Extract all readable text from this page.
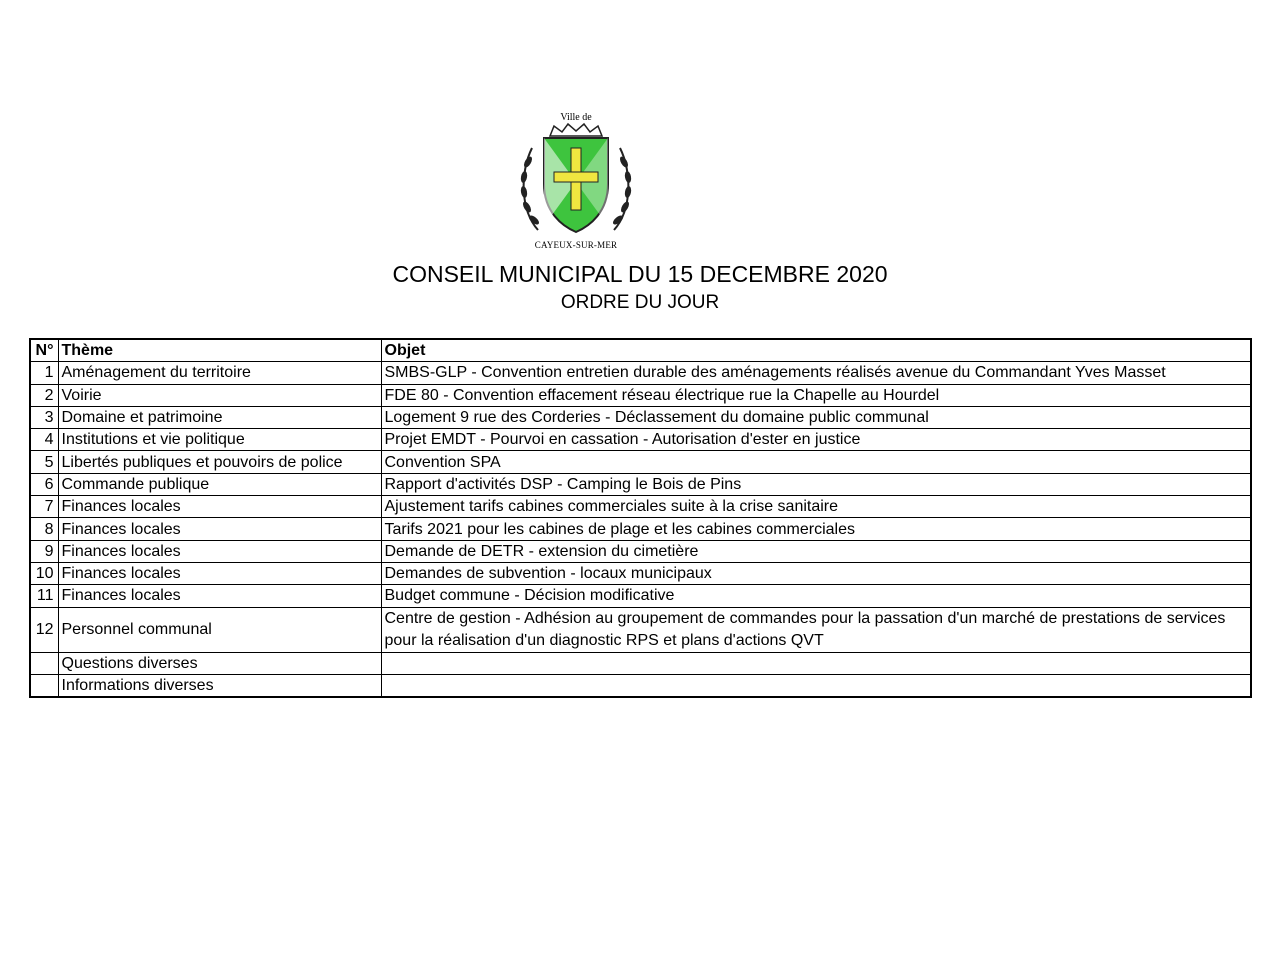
Ville de
CAYEUX-SUR-MER
CONSEIL MUNICIPAL DU 15 DECEMBRE 2020
ORDRE DU JOUR
N°	Thème	Objet
1	Aménagement du territoire	SMBS-GLP - Convention entretien durable des aménagements réalisés avenue du Commandant Yves Masset
2	Voirie	FDE 80 - Convention effacement réseau électrique rue la Chapelle au Hourdel
3	Domaine et patrimoine	Logement 9 rue des Corderies - Déclassement du domaine public communal
4	Institutions et vie politique	Projet EMDT - Pourvoi en cassation - Autorisation d'ester en justice
5	Libertés publiques et pouvoirs de police	Convention SPA
6	Commande publique	Rapport d'activités DSP - Camping le Bois de Pins
7	Finances locales	Ajustement tarifs cabines commerciales suite à la crise sanitaire
8	Finances locales	Tarifs 2021 pour les cabines de plage et les cabines commerciales
9	Finances locales	Demande de DETR - extension du cimetière
10	Finances locales	Demandes de subvention - locaux municipaux
11	Finances locales	Budget commune - Décision modificative
12	Personnel communal	Centre de gestion - Adhésion au groupement de commandes pour la passation d'un marché de prestations de services pour la réalisation d'un diagnostic RPS et plans d'actions QVT
	Questions diverses	
	Informations diverses	
